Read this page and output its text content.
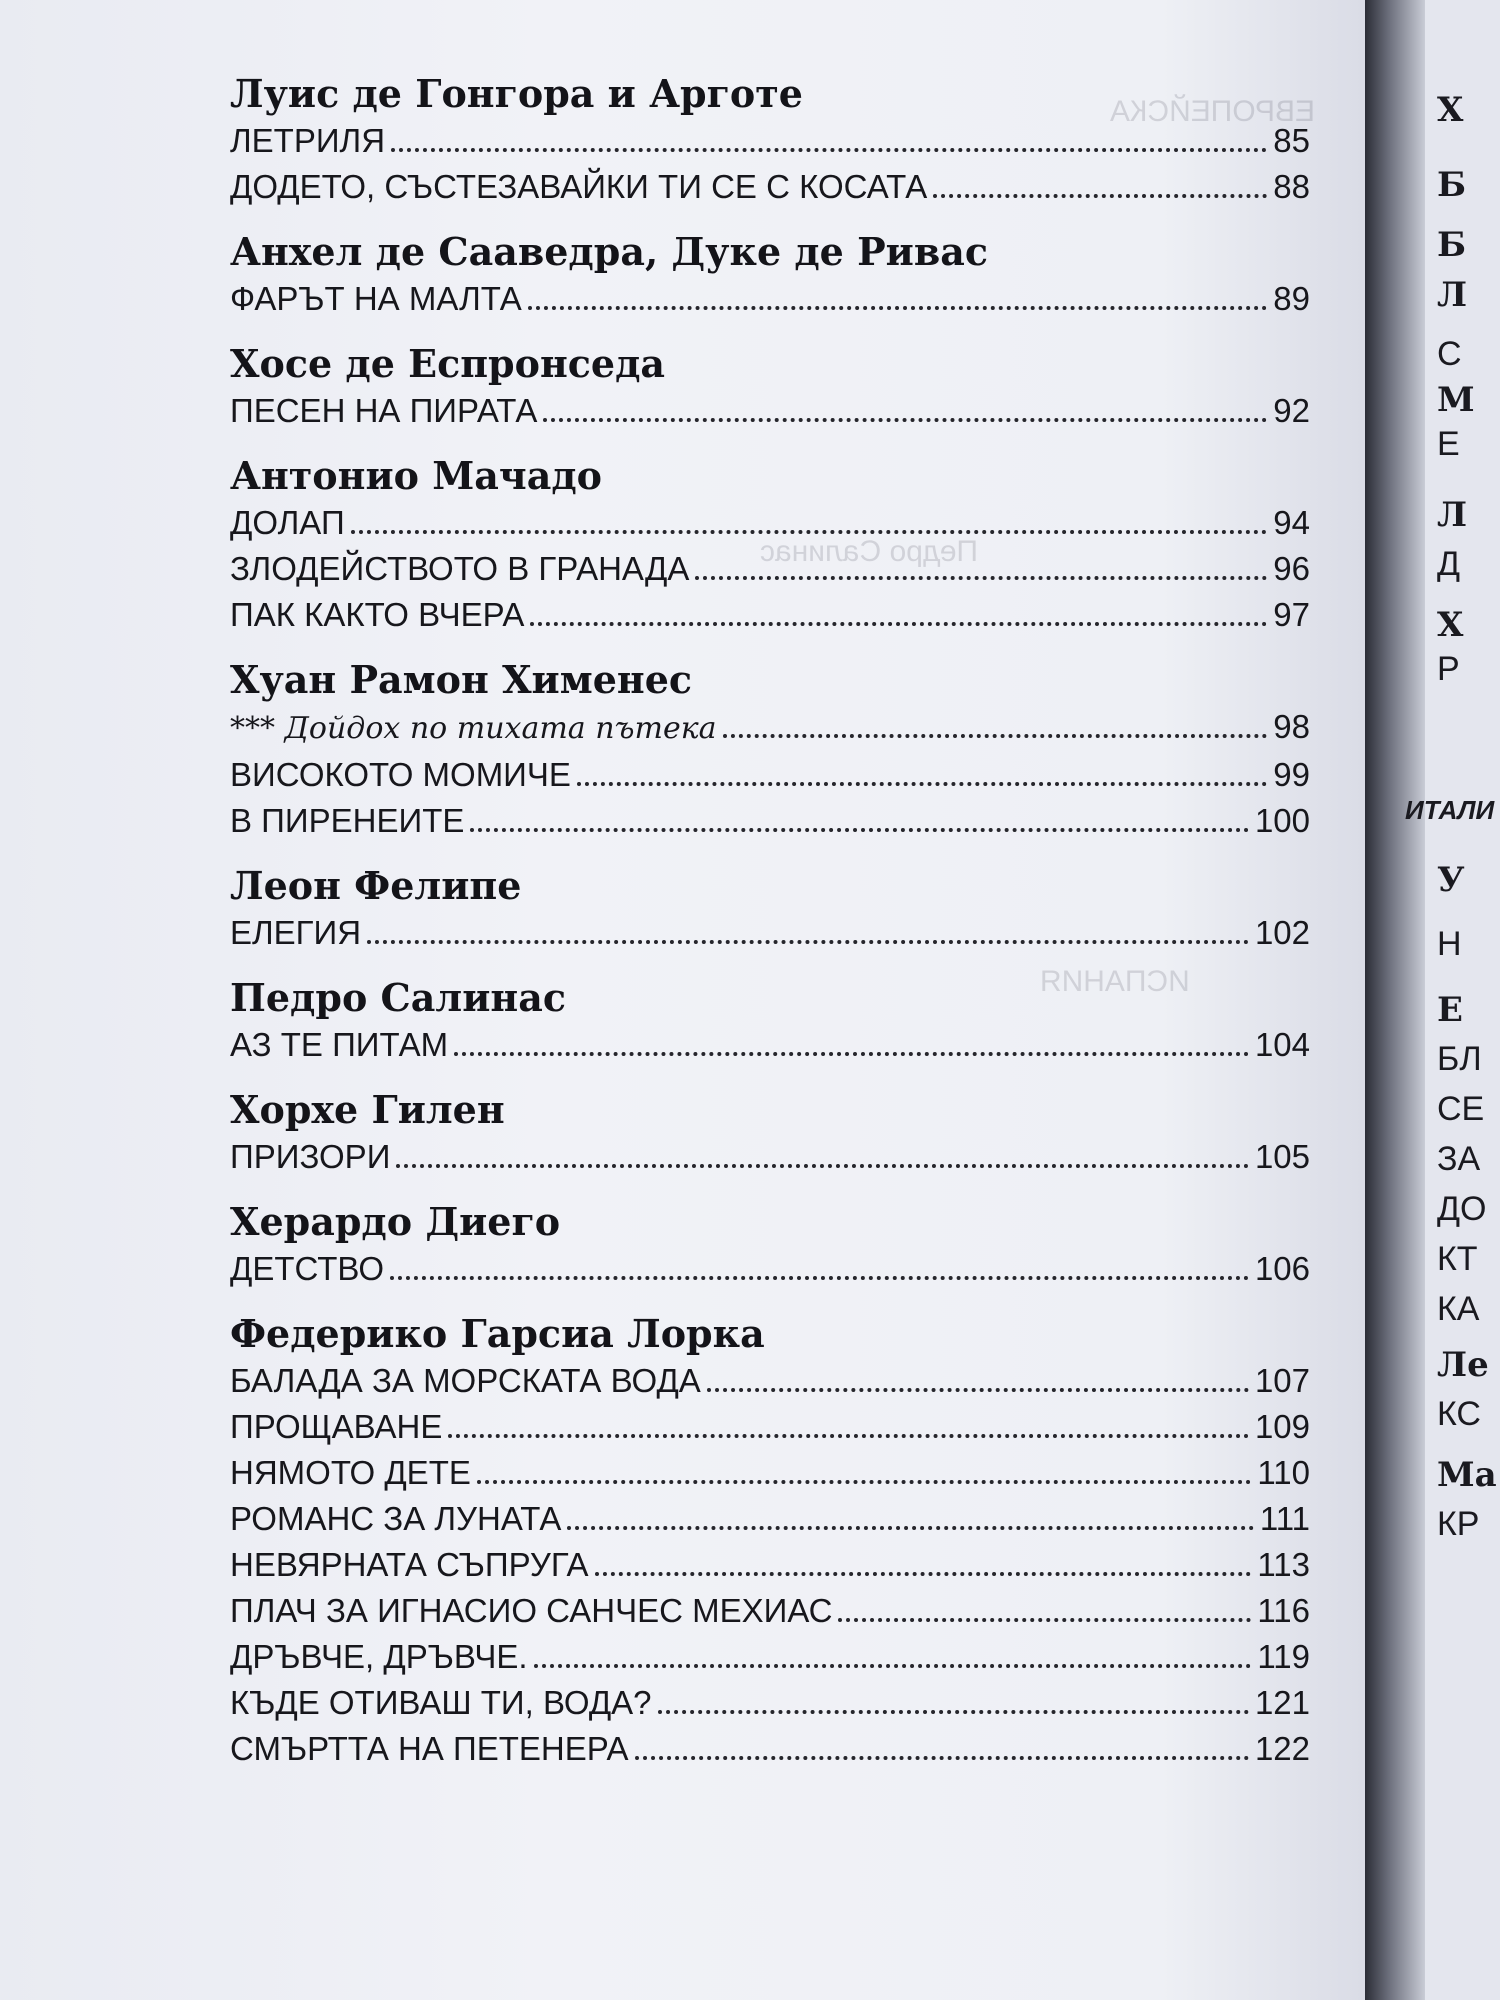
ЕВРОПЕЙСКА
Педро Салинас
ИСПАНИЯ
Луис де Гонгора и Арготе
ЛЕТРИЛЯ	85
ДОДЕТО, СЪСТЕЗАВАЙКИ ТИ СЕ С КОСАТА	88
Анхел де Сааведра, Дуке де Ривас
ФАРЪТ НА МАЛТА	89
Хосе де Еспронседа
ПЕСЕН НА ПИРАТА	92
Антонио Мачадо
ДОЛАП	94
ЗЛОДЕЙСТВОТО В ГРАНАДА	96
ПАК КАКТО ВЧЕРА	97
Хуан Рамон Хименес
*** Дойдох по тихата пътека	98
ВИСОКОТО МОМИЧЕ	99
В ПИРЕНЕИТЕ	100
Леон Фелипе
ЕЛЕГИЯ	102
Педро Салинас
АЗ ТЕ ПИТАМ	104
Хорхе Гилен
ПРИЗОРИ	105
Херардо Диего
ДЕТСТВО	106
Федерико Гарсиа Лорка
БАЛАДА ЗА МОРСКАТА ВОДА	107
ПРОЩАВАНЕ	109
НЯМОТО ДЕТЕ	110
РОМАНС ЗА ЛУНАТА	111
НЕВЯРНАТА СЪПРУГА	113
ПЛАЧ ЗА ИГНАСИО САНЧЕС МЕХИАС	116
ДРЪВЧЕ, ДРЪВЧЕ.	119
КЪДЕ ОТИВАШ ТИ, ВОДА?	121
СМЪРТТА НА ПЕТЕНЕРА	122
Х
Б
Б
Л
С
М
Е
Л
Д
Х
Р
ИТАЛИ
У
Н
Е
БЛ
СЕ
ЗА
ДО
КТ
КА
Ле
КС
Ма
КР
